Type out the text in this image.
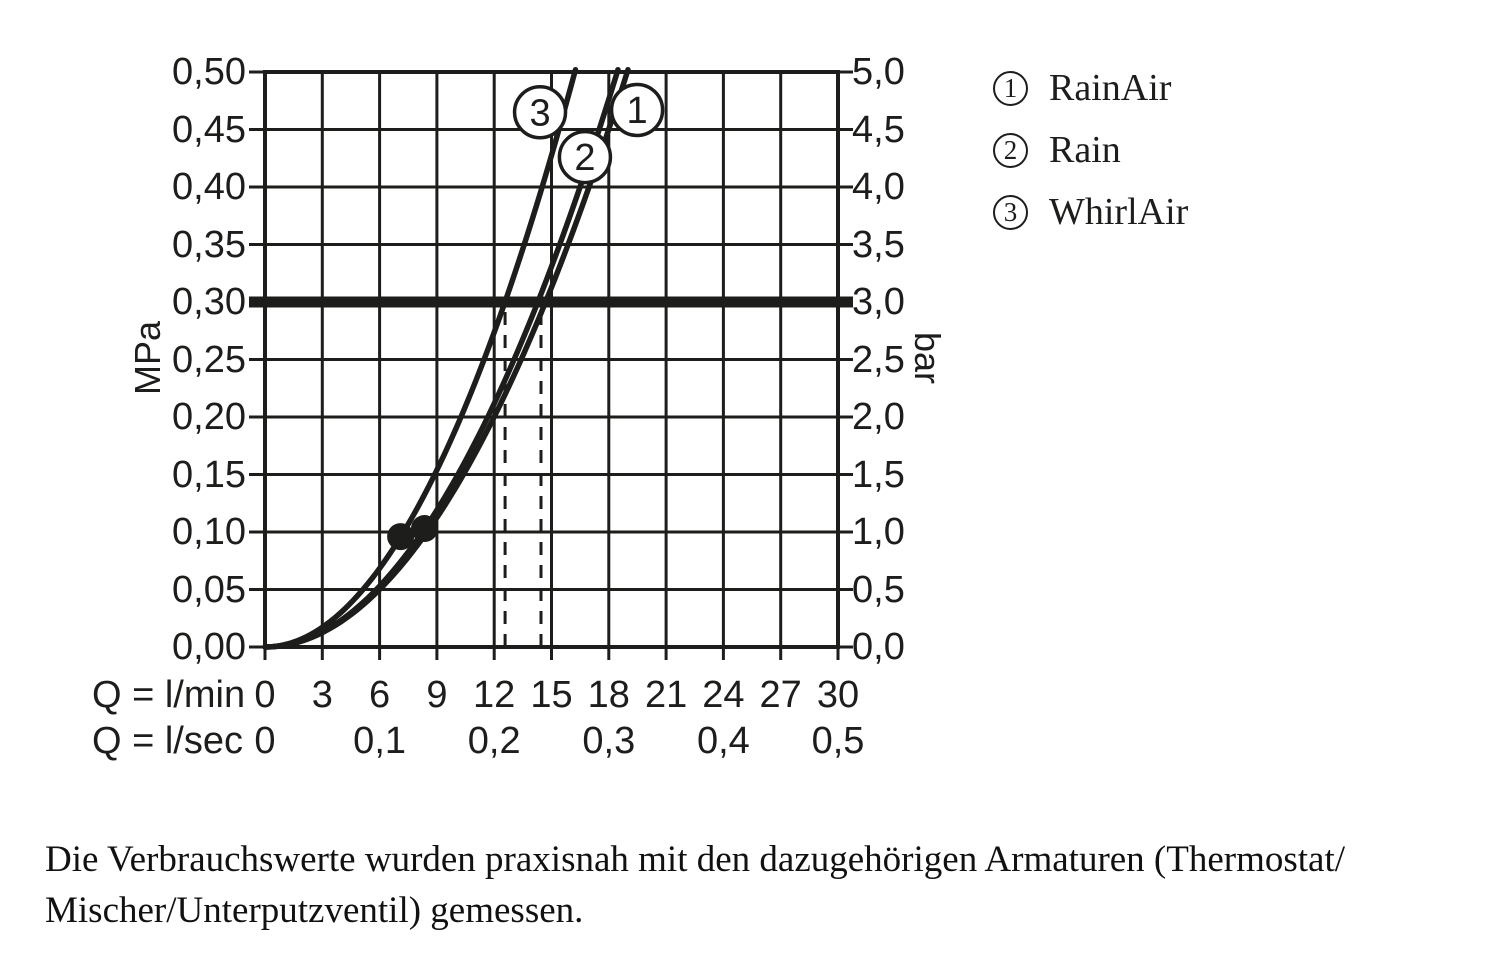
1
2
3
0,50
0,45
0,40
0,35
0,30
0,25
0,20
0,15
0,10
0,05
0,00
5,0
4,5
4,0
3,5
3,0
2,5
2,0
1,5
1,0
0,5
0,0
MPa	bar
Q = l/min
Q = l/sec
0 3 6 9 12 15 18 21 24 27 30
0 0,1 0,2 0,3 0,4 0,5
1 RainAir
2 Rain
3 WhirlAir
Die Verbrauchswerte wurden praxisnah mit den dazugehörigen Armaturen (Thermostat/
Mischer/Unterputzventil) gemessen.
